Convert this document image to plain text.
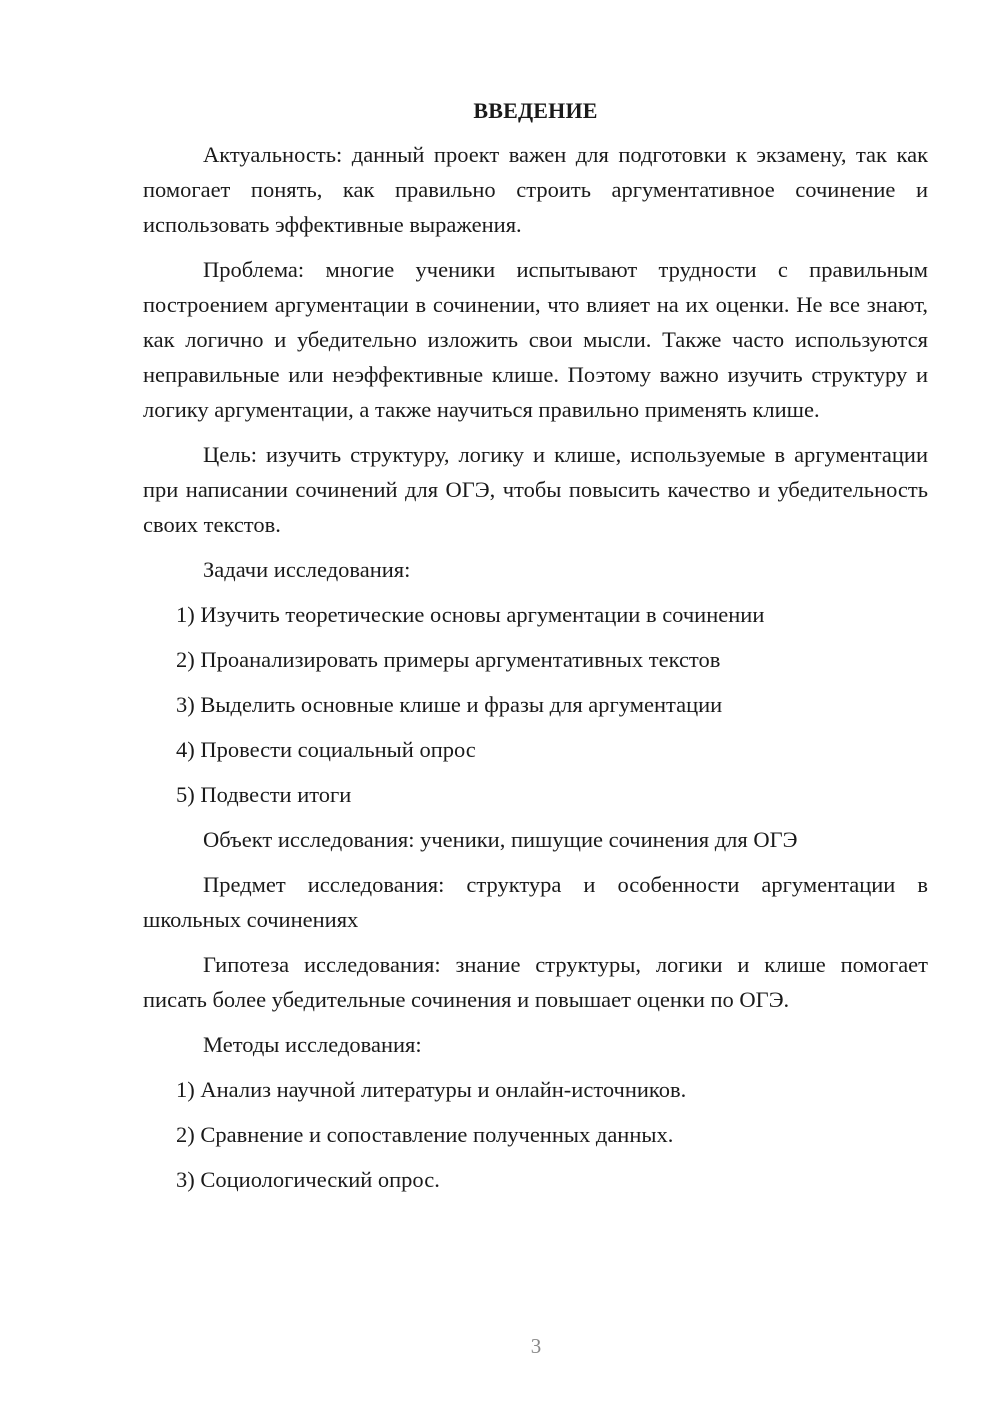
ВВЕДЕНИЕ

Актуальность: данный проект важен для подготовки к экзамену, так как помогает понять, как правильно строить аргументативное сочинение и использовать эффективные выражения.

Проблема: многие ученики испытывают трудности с правильным построением аргументации в сочинении, что влияет на их оценки. Не все знают, как логично и убедительно изложить свои мысли. Также часто используются неправильные или неэффективные клише. Поэтому важно изучить структуру и логику аргументации, а также научиться правильно применять клише.

Цель: изучить структуру, логику и клише, используемые в аргументации при написании сочинений для ОГЭ, чтобы повысить качество и убедительность своих текстов.

Задачи исследования:

1) Изучить теоретические основы аргументации в сочинении

2) Проанализировать примеры аргументативных текстов

3) Выделить основные клише и фразы для аргументации

4) Провести социальный опрос

5) Подвести итоги

Объект исследования: ученики, пишущие сочинения для ОГЭ

Предмет исследования: структура и особенности аргументации в школьных сочинениях

Гипотеза исследования: знание структуры, логики и клише помогает писать более убедительные сочинения и повышает оценки по ОГЭ.

Методы исследования:

1) Анализ научной литературы и онлайн-источников.

2) Сравнение и сопоставление полученных данных.

3) Социологический опрос.

3
